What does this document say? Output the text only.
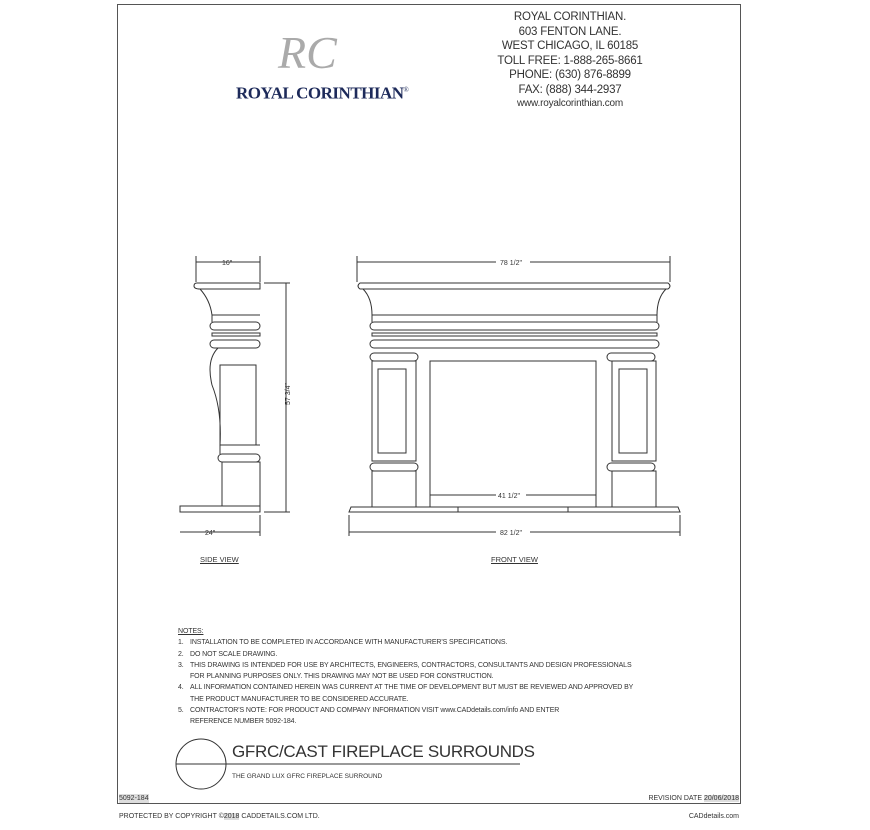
RC
ROYAL CORINTHIAN®
ROYAL CORINTHIAN.
603 FENTON LANE.
WEST CHICAGO, IL 60185
TOLL FREE: 1-888-265-8661
PHONE: (630) 876-8899
FAX: (888) 344-2937
www.royalcorinthian.com
16"
57 3/4"
24"
78 1/2"
41 1/2"
82 1/2"
SIDE VIEW	FRONT VIEW
NOTES:
1. INSTALLATION TO BE COMPLETED IN ACCORDANCE WITH MANUFACTURER'S SPECIFICATIONS.
2. DO NOT SCALE DRAWING.
3. THIS DRAWING IS INTENDED FOR USE BY ARCHITECTS, ENGINEERS, CONTRACTORS, CONSULTANTS AND DESIGN PROFESSIONALS
FOR PLANNING PURPOSES ONLY. THIS DRAWING MAY NOT BE USED FOR CONSTRUCTION.
4. ALL INFORMATION CONTAINED HEREIN WAS CURRENT AT THE TIME OF DEVELOPMENT BUT MUST BE REVIEWED AND APPROVED BY
THE PRODUCT MANUFACTURER TO BE CONSIDERED ACCURATE.
5. CONTRACTOR'S NOTE: FOR PRODUCT AND COMPANY INFORMATION VISIT www.CADdetails.com/info AND ENTER
REFERENCE NUMBER 5092-184.
GFRC/CAST FIREPLACE SURROUNDS
THE GRAND LUX GFRC FIREPLACE SURROUND
5092-184	REVISION DATE 20/06/2018
PROTECTED BY COPYRIGHT ©2018 CADDETAILS.COM LTD.	CADdetails.com
